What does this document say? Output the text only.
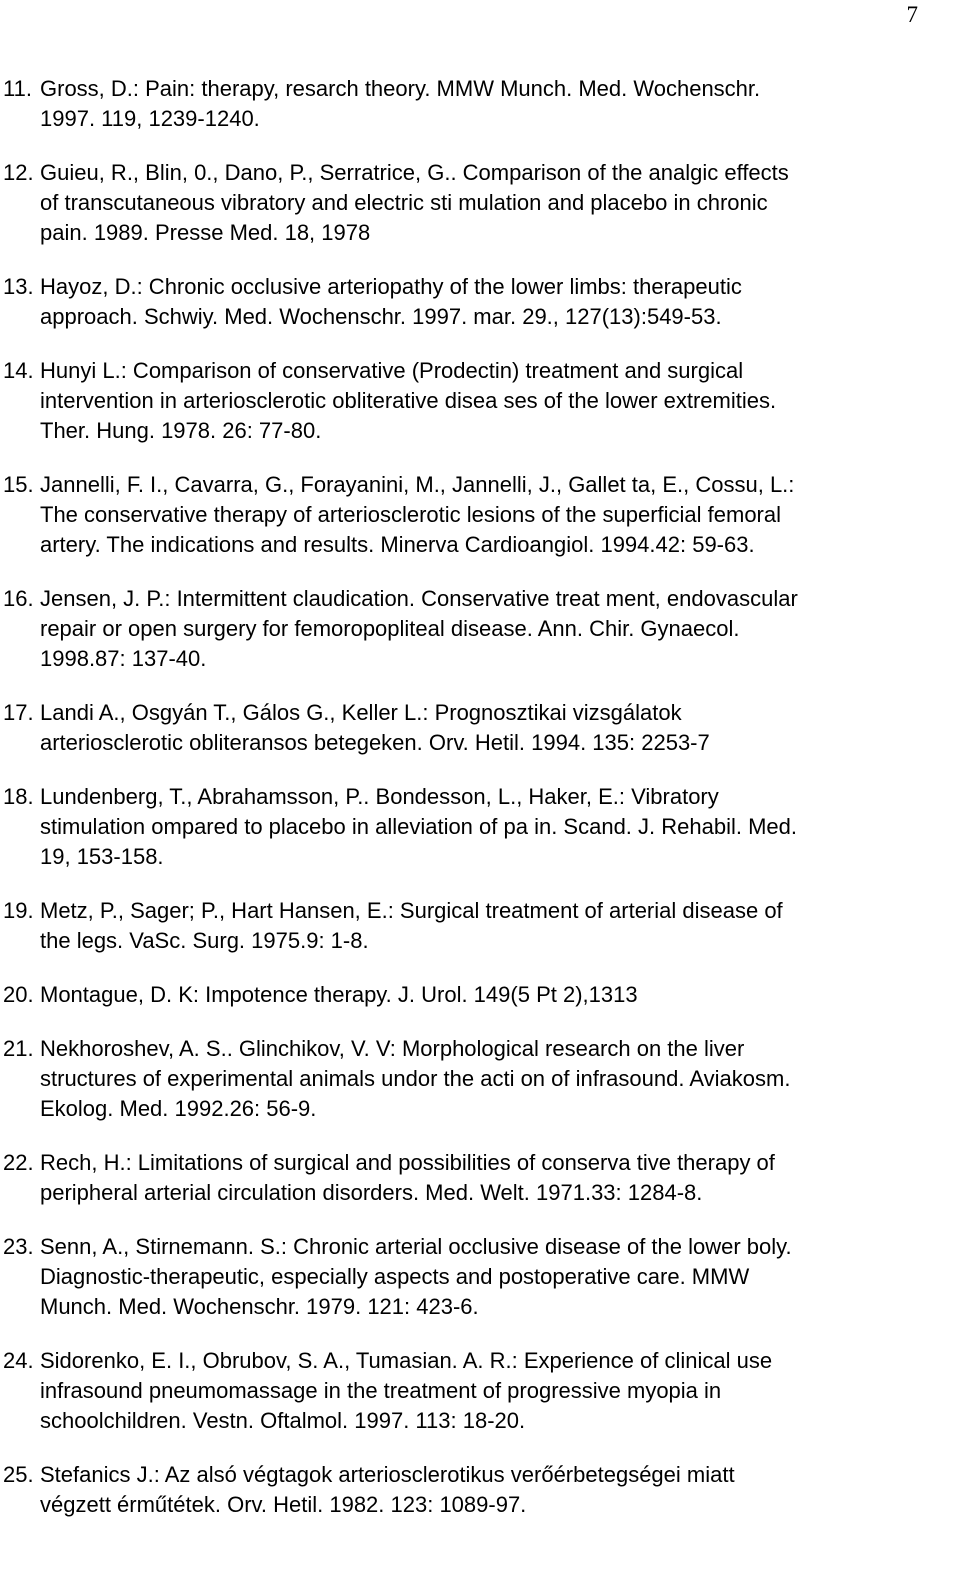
7
11. Gross, D.: Pain: therapy, resarch theory. MMW Munch. Med. Wochenschr.
1997. 119, 1239-1240.
12. Guieu, R., Blin, 0., Dano, P., Serratrice, G.. Comparison of the analgic effects
of transcutaneous vibratory and electric sti mulation and placebo in chronic
pain. 1989. Presse Med. 18, 1978
13. Hayoz, D.: Chronic occlusive arteriopathy of the lower limbs: therapeutic
approach. Schwiy. Med. Wochenschr. 1997. mar. 29., 127(13):549-53.
14. Hunyi L.: Comparison of conservative (Prodectin) treatment and surgical
intervention in arteriosclerotic obliterative disea ses of the lower extremities.
Ther. Hung. 1978. 26: 77-80.
15. Jannelli, F. I., Cavarra, G., Forayanini, M., Jannelli, J., Gallet ta, E., Cossu, L.:
The conservative therapy of arteriosclerotic lesions of the superficial femoral
artery. The indications and results. Minerva Cardioangiol. 1994.42: 59-63.
16. Jensen, J. P.: Intermittent claudication. Conservative treat ment, endovascular
repair or open surgery for femoropopliteal disease. Ann. Chir. Gynaecol.
1998.87: 137-40.
17. Landi A., Osgyán T., Gálos G., Keller L.: Prognosztikai vizsgálatok
arteriosclerotic obliteransos betegeken. Orv. Hetil. 1994. 135: 2253-7
18. Lundenberg, T., Abrahamsson, P.. Bondesson, L., Haker, E.: Vibratory
stimulation ompared to placebo in alleviation of pa in. Scand. J. Rehabil. Med.
19, 153-158.
19. Metz, P., Sager; P., Hart Hansen, E.: Surgical treatment of arterial disease of
the legs. VaSc. Surg. 1975.9: 1-8.
20. Montague, D. K: Impotence therapy. J. Urol. 149(5 Pt 2),1313
21. Nekhoroshev, A. S.. Glinchikov, V. V: Morphological research on the liver
structures of experimental animals undor the acti on of infrasound. Aviakosm.
Ekolog. Med. 1992.26: 56-9.
22. Rech, H.: Limitations of surgical and possibilities of conserva tive therapy of
peripheral arterial circulation disorders. Med. Welt. 1971.33: 1284-8.
23. Senn, A., Stirnemann. S.: Chronic arterial occlusive disease of the lower boly.
Diagnostic-therapeutic, especially aspects and postoperative care. MMW
Munch. Med. Wochenschr. 1979. 121: 423-6.
24. Sidorenko, E. I., Obrubov, S. A., Tumasian. A. R.: Experience of clinical use
infrasound pneumomassage in the treatment of progressive myopia in
schoolchildren. Vestn. Oftalmol. 1997. 113: 18-20.
25. Stefanics J.: Az alsó végtagok arteriosclerotikus verőérbetegségei miatt
végzett érműtétek. Orv. Hetil. 1982. 123: 1089-97.
